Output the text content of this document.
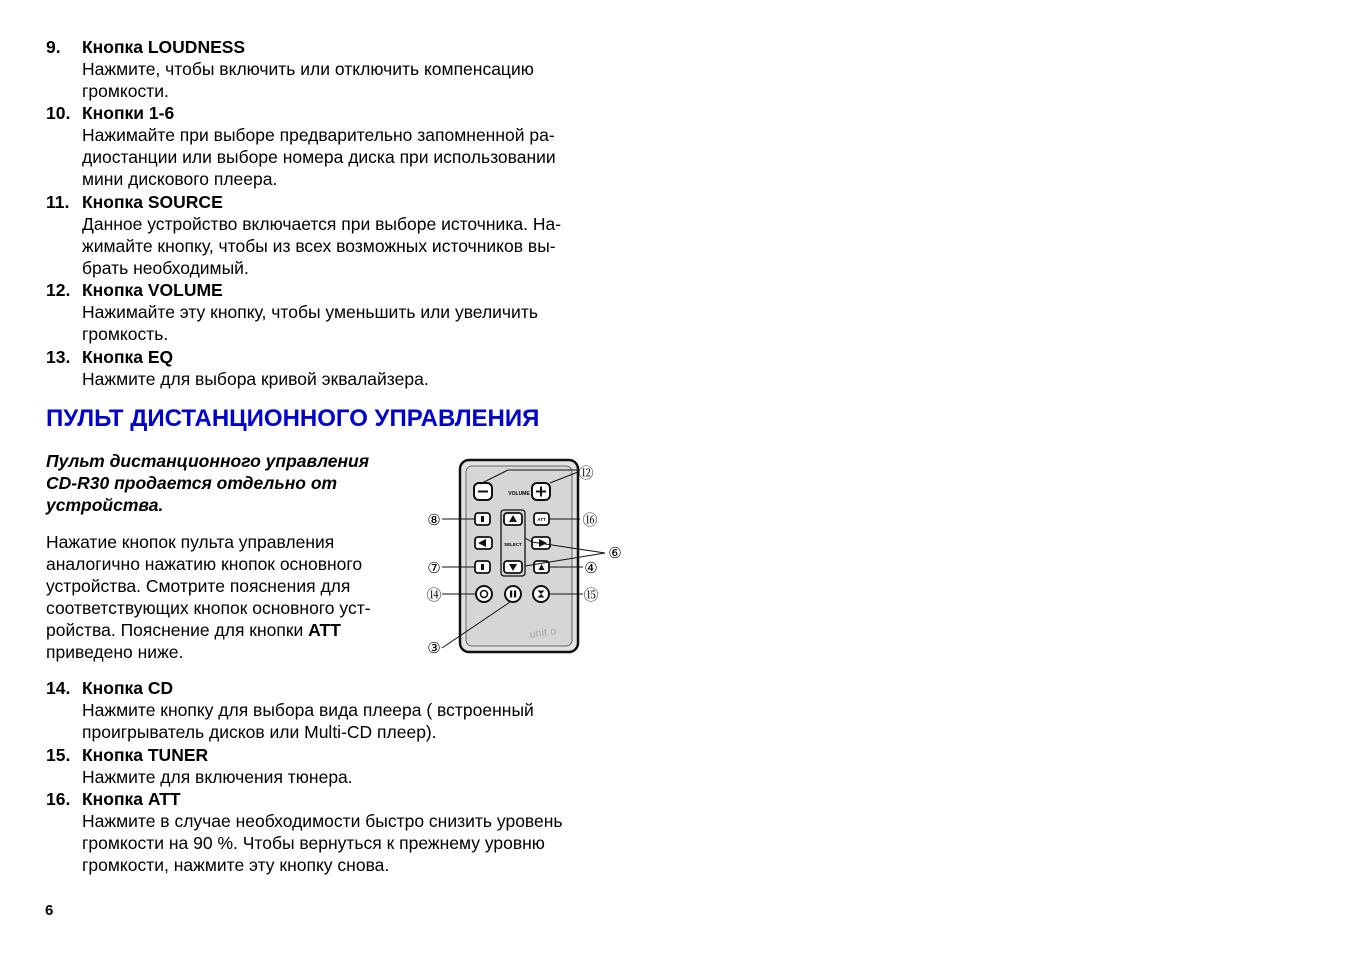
9. Кнопка LOUDNESS
Нажмите, чтобы включить или отключить компенсацию
громкости.
10. Кнопки 1-6
Нажимайте при выборе предварительно запомненной ра-
диостанции или выборе номера диска при использовании
мини дискового плеера.
11. Кнопка SOURCE
Данное устройство включается при выборе источника. На-
жимайте кнопку, чтобы из всех возможных источников вы-
брать необходимый.
12. Кнопка VOLUME
Нажимайте эту кнопку, чтобы уменьшить или увеличить
громкость.
13. Кнопка EQ
Нажмите для выбора кривой эквалайзера.
ПУЛЬТ ДИСТАНЦИОННОГО УПРАВЛЕНИЯ
Пульт дистанционного управления
CD-R30 продается отдельно от
устройства.
Нажатие кнопок пульта управления
аналогично нажатию кнопок основного
устройства. Смотрите пояснения для
соответствующих кнопок основного уст-
ройства. Пояснение для кнопки ATT
приведено ниже.
VOLUME
ATT
SELECT
unit o
⑫
⑧	⑯
⑥
⑦	④
⑭	⑮
③
14. Кнопка CD
Нажмите кнопку для выбора вида плеера ( встроенный
проигрыватель дисков или Multi-CD плеер).
15. Кнопка TUNER
Нажмите для включения тюнера.
16. Кнопка ATT
Нажмите в случае необходимости быстро снизить уровень
громкости на 90 %. Чтобы вернуться к прежнему уровню
громкости, нажмите эту кнопку снова.
6
